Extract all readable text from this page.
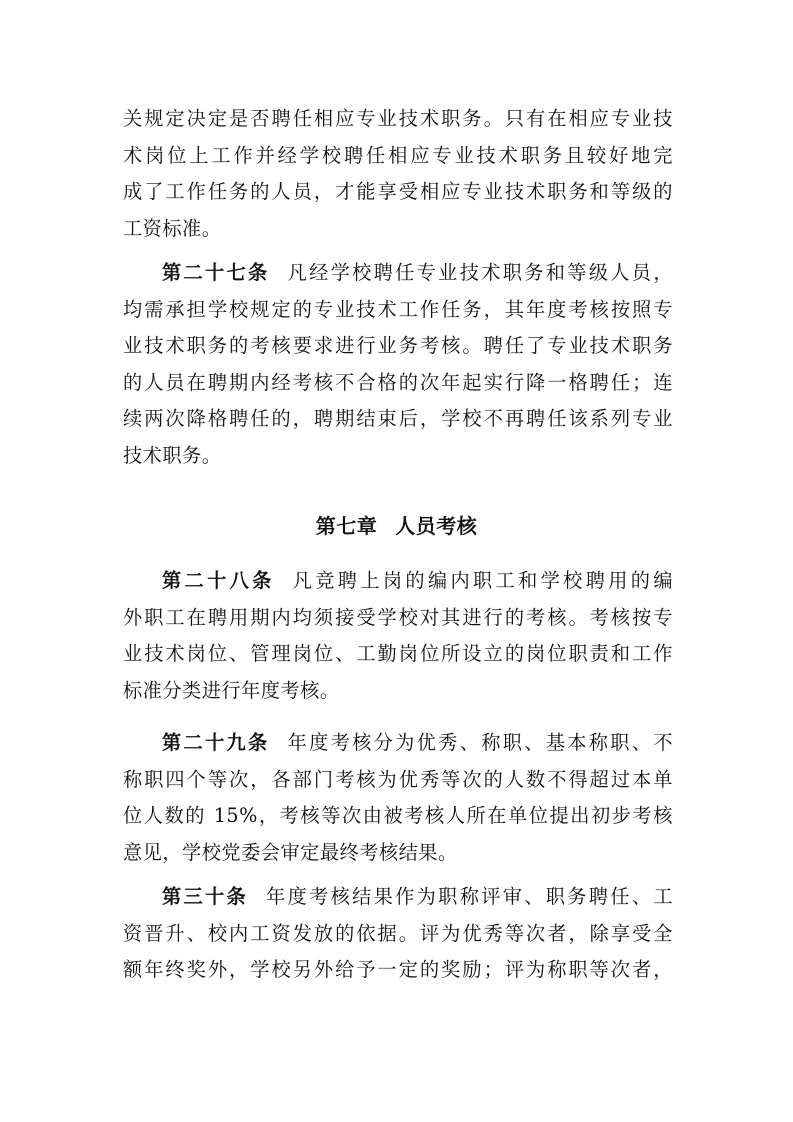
关规定决定是否聘任相应专业技术职务。只有在相应专业技
术岗位上工作并经学校聘任相应专业技术职务且较好地完
成了工作任务的人员，才能享受相应专业技术职务和等级的
工资标准。
第二十七条 凡经学校聘任专业技术职务和等级人员，
均需承担学校规定的专业技术工作任务，其年度考核按照专
业技术职务的考核要求进行业务考核。聘任了专业技术职务
的人员在聘期内经考核不合格的次年起实行降一格聘任；连
续两次降格聘任的，聘期结束后，学校不再聘任该系列专业
技术职务。
第七章 人员考核
第二十八条 凡竞聘上岗的编内职工和学校聘用的编
外职工在聘用期内均须接受学校对其进行的考核。考核按专
业技术岗位、管理岗位、工勤岗位所设立的岗位职责和工作
标准分类进行年度考核。
第二十九条 年度考核分为优秀、称职、基本称职、不
称职四个等次，各部门考核为优秀等次的人数不得超过本单
位人数的 15%，考核等次由被考核人所在单位提出初步考核
意见，学校党委会审定最终考核结果。
第三十条 年度考核结果作为职称评审、职务聘任、工
资晋升、校内工资发放的依据。评为优秀等次者，除享受全
额年终奖外，学校另外给予一定的奖励；评为称职等次者，
